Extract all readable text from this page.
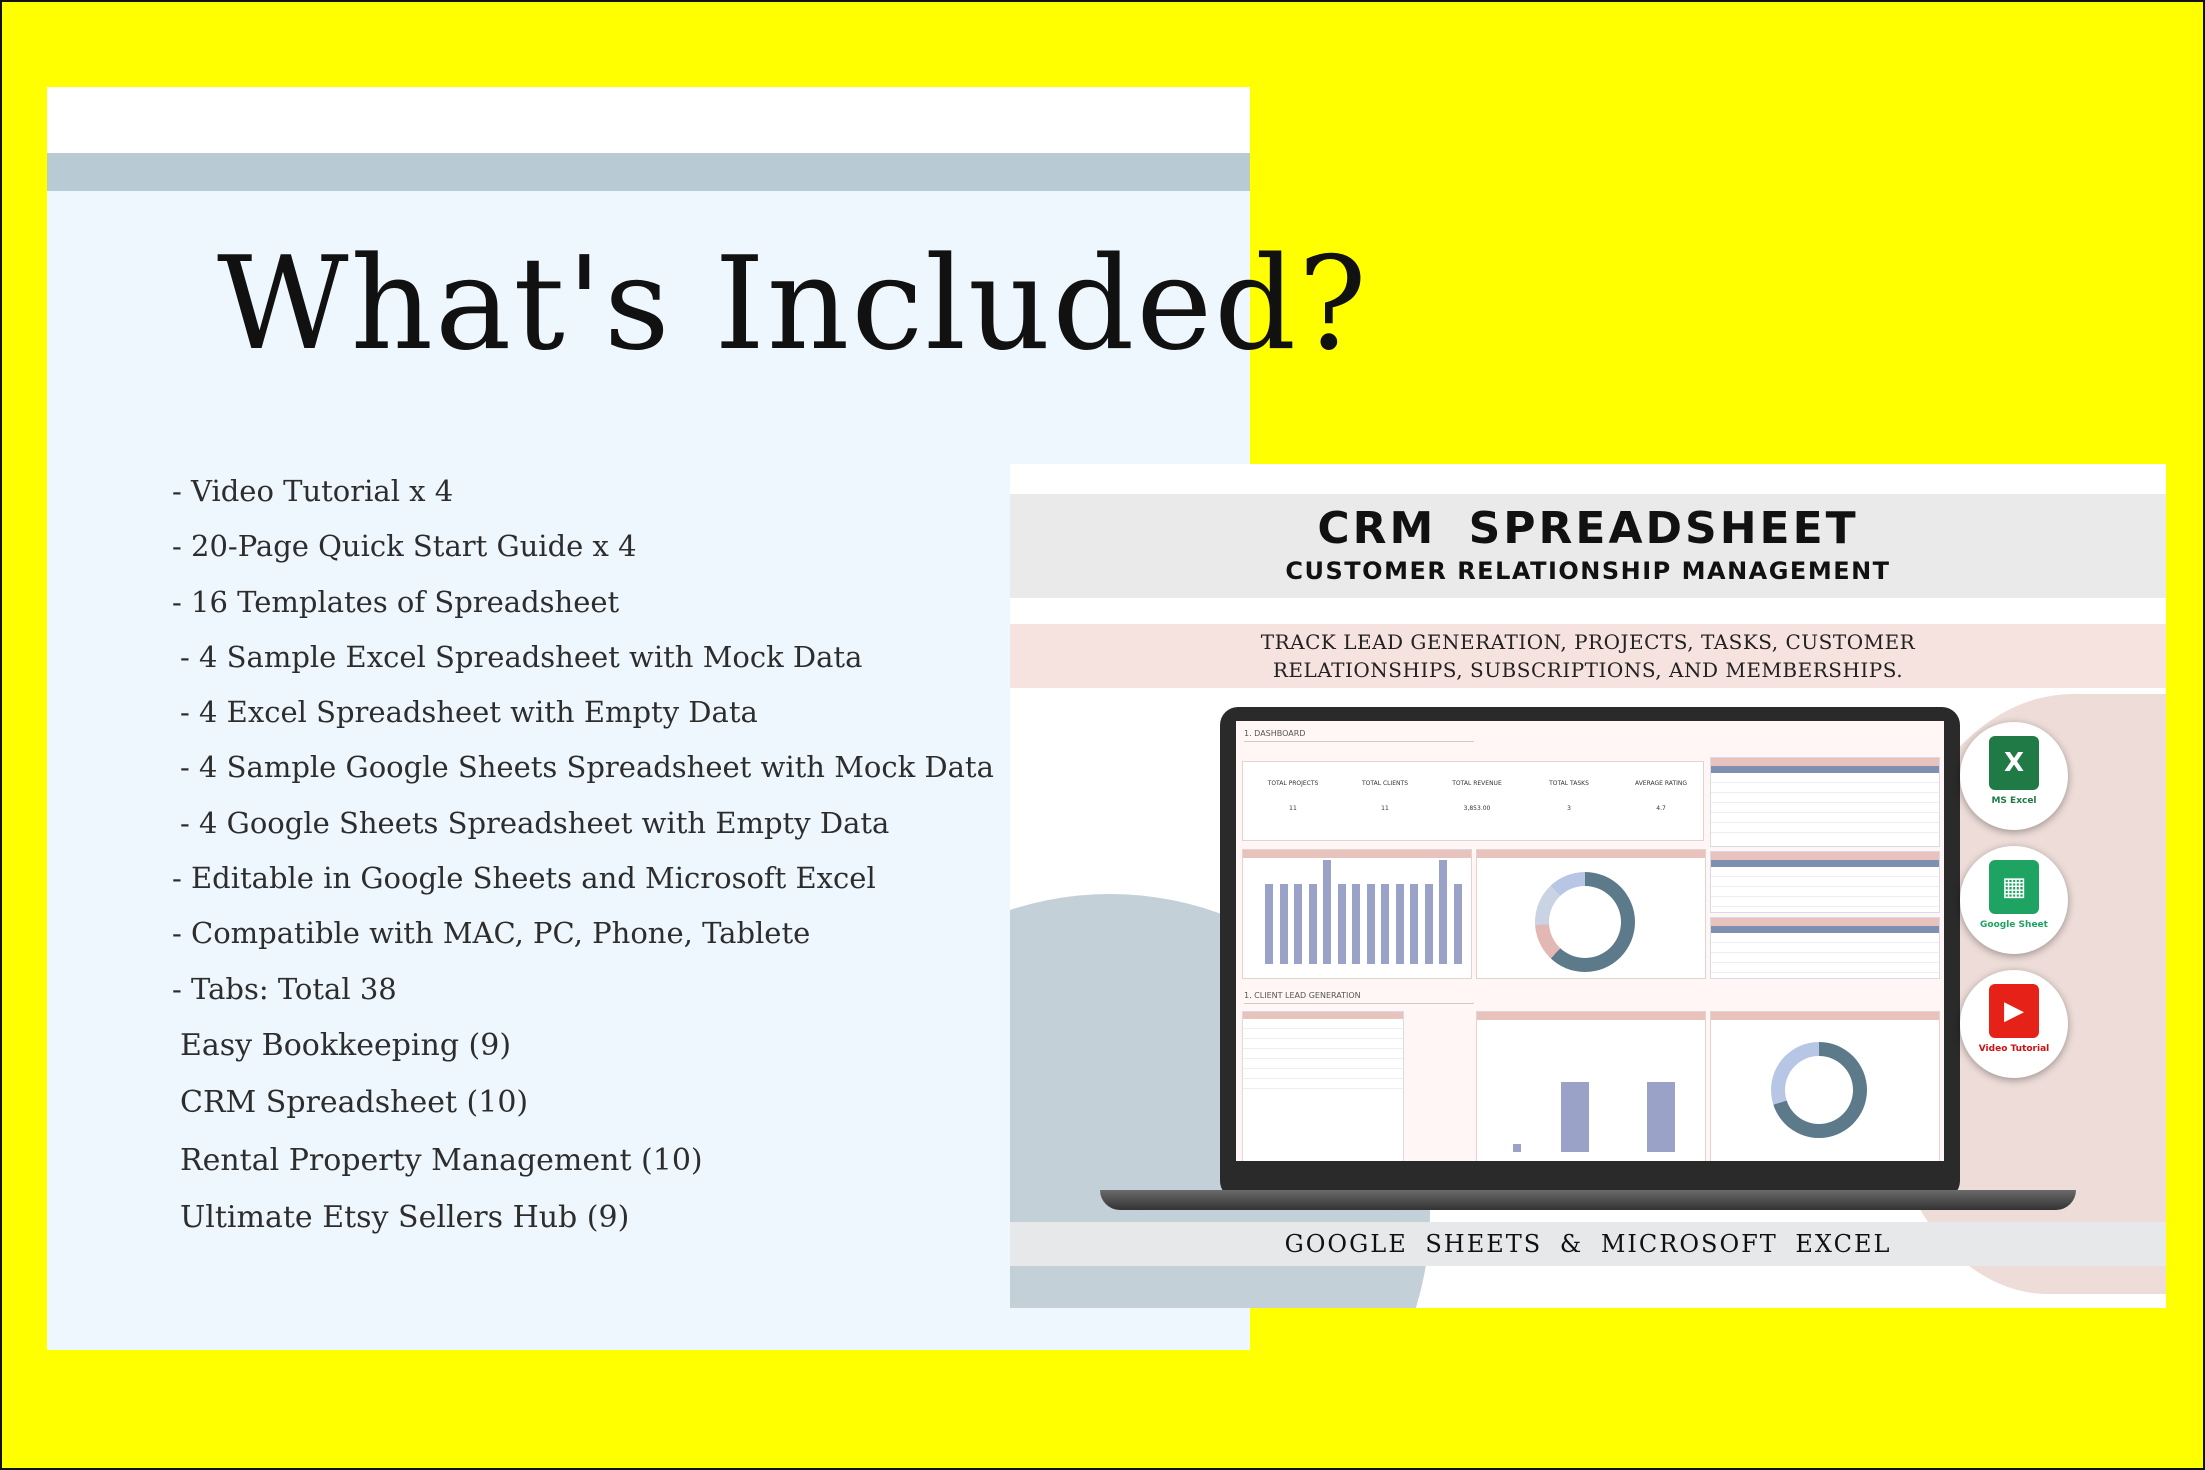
What's Included?
- Video Tutorial x 4
- 20-Page Quick Start Guide x 4
- 16 Templates of Spreadsheet
- 4 Sample Excel Spreadsheet with Mock Data
- 4 Excel Spreadsheet with Empty Data
- 4 Sample Google Sheets Spreadsheet with Mock Data
- 4 Google Sheets Spreadsheet with Empty Data
- Editable in Google Sheets and Microsoft Excel
- Compatible with MAC, PC, Phone, Tablete
- Tabs: Total 38
Easy Bookkeeping (9)
CRM Spreadsheet (10)
Rental Property Management (10)
Ultimate Etsy Sellers Hub (9)
CRM SPREADSHEET
CUSTOMER RELATIONSHIP MANAGEMENT
TRACK LEAD GENERATION, PROJECTS, TASKS, CUSTOMER
RELATIONSHIPS, SUBSCRIPTIONS, AND MEMBERSHIPS.
1. DASHBOARD
TOTAL PROJECTS
11
TOTAL CLIENTS
11
TOTAL REVENUE
3,853.00
TOTAL TASKS
3
AVERAGE RATING
4.7
1. CLIENT LEAD GENERATION
X
MS Excel
▦
Google Sheet
▶
Video Tutorial
GOOGLE SHEETS & MICROSOFT EXCEL
